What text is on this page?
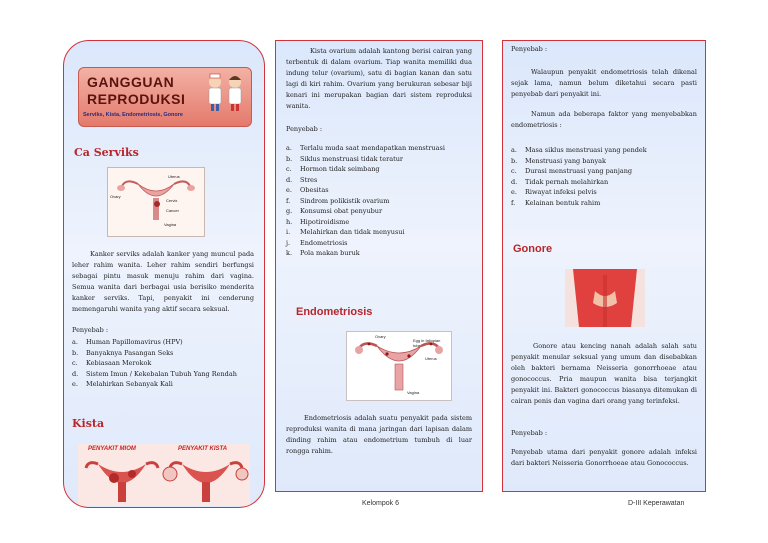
GANGGUAN
REPRODUKSI
Serviks, Kista, Endometriosis, Gonore
Ca Serviks
Uterus
Ovary
Cervix
Cancer
Vagina
Kanker serviks adalah kanker yang muncul pada leher rahim wanita. Leher rahim sendiri berfungsi sebagai pintu masuk menuju rahim dari vagina. Semua wanita dari berbagai usia berisiko menderita kanker serviks. Tapi, penyakit ini cenderung memengaruhi wanita yang aktif secara seksual.
Penyebab :
a.	Human Papillomavirus (HPV)
b.	Banyaknya Pasangan Seks
c.	Kebiasaan Merokok
d.	Sistem Imun / Kekebalan Tubuh Yang Rendah
e.	Melahirkan Sebanyak Kali
Kista
PENYAKIT MIOM	PENYAKIT KISTA
Kista ovarium adalah kantong berisi cairan yang terbentuk di dalam ovarium. Tiap wanita memiliki dua indung telur (ovarium), satu di bagian kanan dan satu lagi di kiri rahim. Ovarium yang berukuran sebesar biji kenari ini merupakan bagian dari sistem reproduksi wanita.
Penyebab :
a.	Terlalu muda saat mendapatkan menstruasi
b.	Siklus menstruasi tidak teratur
c.	Hormon tidak seimbang
d.	Stres
e.	Obesitas
f.	Sindrom polikistik ovarium
g.	Konsumsi obat penyubur
h.	Hipotiroidisme
i.	Melahirkan dan tidak menyusui
j.	Endometriosis
k.	Pola makan buruk
Endometriosis
Ovary
Egg in fallopian tube
Uterus
Vagina
Endometriosis adalah suatu penyakit pada sistem reproduksi wanita di mana jaringan dari lapisan dalam dinding rahim atau endometrium tumbuh di luar rongga rahim.
Penyebab :
Walaupun penyakit endometriosis telah dikenal sejak lama, namun belum diketahui secara pasti penyebab dari penyakit ini.
Namun ada beberapa faktor yang menyebabkan endometriosis :
a.	Masa siklus menstruasi yang pendek
b.	Menstruasi yang banyak
c.	Durasi menstruasi yang panjang
d.	Tidak pernah melahirkan
e.	Riwayat infeksi pelvis
f.	Kelainan bentuk rahim
Gonore
Gonore atau kencing nanah adalah salah satu penyakit menular seksual yang umum dan disebabkan oleh bakteri bernama Neisseria gonorrhoeae atau gonococcus. Pria maupun wanita bisa terjangkit penyakit ini. Bakteri gonococcus biasanya ditemukan di cairan penis dan vagina dari orang yang terinfeksi.
Penyebab :
Penyebab utama dari penyakit gonore adalah infeksi dari bakteri Neisseria Gonorrhoeae atau Gonococcus.
Kelompok 6	D-III Keperawatan
